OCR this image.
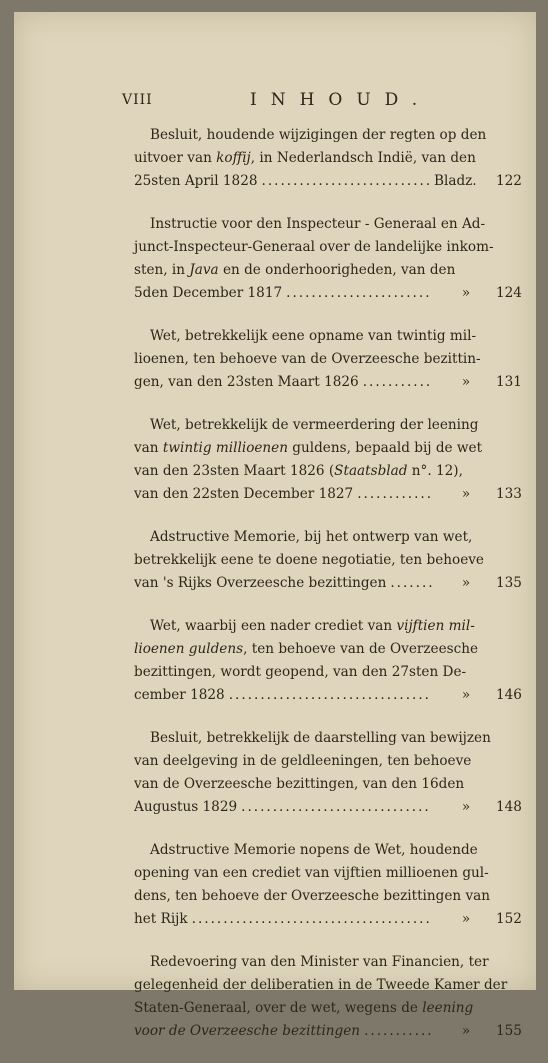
VIII	INHOUD.
Besluit, houdende wijzigingen der regten op den
uitvoer van koffij, in Nederlandsch Indië, van den
25sten April 1828 .....	Bladz.	122
Instructie voor den Inspecteur - Generaal en Ad-
junct-Inspecteur-Generaal over de landelijke inkom-
sten, in Java en de onderhoorigheden, van den
5den December 1817 .....	»	124
Wet, betrekkelijk eene opname van twintig mil-
lioenen, ten behoeve van de Overzeesche bezittin-
gen, van den 23sten Maart 1826 .....	»	131
Wet, betrekkelijk de vermeerdering der leening
van twintig millioenen guldens, bepaald bij de wet
van den 23sten Maart 1826 (Staatsblad n°. 12),
van den 22sten December 1827 .....	»	133
Adstructive Memorie, bij het ontwerp van wet,
betrekkelijk eene te doene negotiatie, ten behoeve
van 's Rijks Overzeesche bezittingen .....	»	135
Wet, waarbij een nader crediet van vijftien mil-
lioenen guldens, ten behoeve van de Overzeesche
bezittingen, wordt geopend, van den 27sten De-
cember 1828 .....	»	146
Besluit, betrekkelijk de daarstelling van bewijzen
van deelgeving in de geldleeningen, ten behoeve
van de Overzeesche bezittingen, van den 16den
Augustus 1829 .....	»	148
Adstructive Memorie nopens de Wet, houdende
opening van een crediet van vijftien millioenen gul-
dens, ten behoeve der Overzeesche bezittingen van
het Rijk .....	»	152
Redevoering van den Minister van Financien, ter
gelegenheid der deliberatien in de Tweede Kamer der
Staten-Generaal, over de wet, wegens de leening
voor de Overzeesche bezittingen .....	»	155
